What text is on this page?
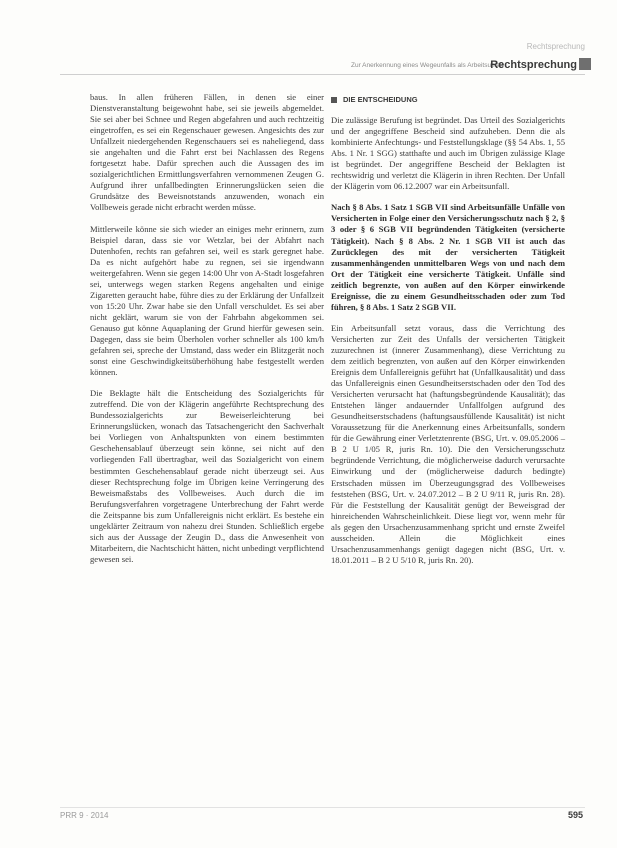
Rechtsprechung
Zur Anerkennung eines Wegeunfalls als Arbeitsunfall
Rechtsprechung

baus. In allen früheren Fällen, in denen sie einer Dienstveranstaltung beigewohnt habe, sei sie jeweils abgemeldet. Sie sei aber bei Schnee und Regen abgefahren und auch rechtzeitig eingetroffen, es sei ein Regenschauer gewesen. Angesichts des zur Unfallzeit niedergehenden Regenschauers sei es naheliegend, dass sie angehalten und die Fahrt erst bei Nachlassen des Regens fortgesetzt habe. Dafür sprechen auch die Aussagen des im sozialgerichtlichen Ermittlungsverfahren vernommenen Zeugen G. Aufgrund ihrer unfallbedingten Erinnerungslücken seien die Grundsätze des Beweisnotstands anzuwenden, wonach ein Vollbeweis gerade nicht erbracht werden müsse.

Mittlerweile könne sie sich wieder an einiges mehr erinnern, zum Beispiel daran, dass sie vor Wetzlar, bei der Abfahrt nach Dutenhofen, rechts ran gefahren sei, weil es stark geregnet habe. Da es nicht aufgehört habe zu regnen, sei sie irgendwann weitergefahren. Wenn sie gegen 14:00 Uhr von A-Stadt losgefahren sei, unterwegs wegen starken Regens angehalten und einige Zigaretten geraucht habe, führe dies zu der Erklärung der Unfallzeit von 15:20 Uhr. Zwar habe sie den Unfall verschuldet. Es sei aber nicht geklärt, warum sie von der Fahrbahn abgekommen sei. Genauso gut könne Aquaplaning der Grund hierfür gewesen sein. Dagegen, dass sie beim Überholen vorher schneller als 100 km/h gefahren sei, spreche der Umstand, dass weder ein Blitzgerät noch sonst eine Geschwindigkeitsüberhöhung habe festgestellt werden können.

Die Beklagte hält die Entscheidung des Sozialgerichts für zutreffend. Die von der Klägerin angeführte Rechtsprechung des Bundessozialgerichts zur Beweiserleichterung bei Erinnerungslücken, wonach das Tatsachengericht den Sachverhalt bei Vorliegen von Anhaltspunkten von einem bestimmten Geschehensablauf überzeugt sein könne, sei nicht auf den vorliegenden Fall übertragbar, weil das Sozialgericht von einem bestimmten Geschehensablauf gerade nicht überzeugt sei. Aus dieser Rechtsprechung folge im Übrigen keine Verringerung des Beweismaßstabs des Vollbeweises. Auch durch die im Berufungsverfahren vorgetragene Unterbrechung der Fahrt werde die Zeitspanne bis zum Unfallereignis nicht erklärt. Es bestehe ein ungeklärter Zeitraum von nahezu drei Stunden. Schließlich ergebe sich aus der Aussage der Zeugin D., dass die Anwesenheit von Mitarbeitern, die Nachtschicht hätten, nicht unbedingt verpflichtend gewesen sei.

DIE ENTSCHEIDUNG

Die zulässige Berufung ist begründet. Das Urteil des Sozialgerichts und der angegriffene Bescheid sind aufzuheben. Denn die als kombinierte Anfechtungs- und Feststellungsklage (§§ 54 Abs. 1, 55 Abs. 1 Nr. 1 SGG) statthafte und auch im Übrigen zulässige Klage ist begründet. Der angegriffene Bescheid der Beklagten ist rechtswidrig und verletzt die Klägerin in ihren Rechten. Der Unfall der Klägerin vom 06.12.2007 war ein Arbeitsunfall.

Nach § 8 Abs. 1 Satz 1 SGB VII sind Arbeitsunfälle Unfälle von Versicherten in Folge einer den Versicherungsschutz nach § 2, § 3 oder § 6 SGB VII begründenden Tätigkeiten (versicherte Tätigkeit). Nach § 8 Abs. 2 Nr. 1 SGB VII ist auch das Zurücklegen des mit der versicherten Tätigkeit zusammenhängenden unmittelbaren Wegs von und nach dem Ort der Tätigkeit eine versicherte Tätigkeit. Unfälle sind zeitlich begrenzte, von außen auf den Körper einwirkende Ereignisse, die zu einem Gesundheitsschaden oder zum Tod führen, § 8 Abs. 1 Satz 2 SGB VII.

Ein Arbeitsunfall setzt voraus, dass die Verrichtung des Versicherten zur Zeit des Unfalls der versicherten Tätigkeit zuzurechnen ist (innerer Zusammenhang), diese Verrichtung zu dem zeitlich begrenzten, von außen auf den Körper einwirkenden Ereignis dem Unfallereignis geführt hat (Unfallkausalität) und dass das Unfallereignis einen Gesundheitserstschaden oder den Tod des Versicherten verursacht hat (haftungsbegründende Kausalität); das Entstehen länger andauernder Unfallfolgen aufgrund des Gesundheitserstschadens (haftungsausfüllende Kausalität) ist nicht Voraussetzung für die Anerkennung eines Arbeitsunfalls, sondern für die Gewährung einer Verletztenrente (BSG, Urt. v. 09.05.2006 – B 2 U 1/05 R, juris Rn. 10). Die den Versicherungsschutz begründende Verrichtung, die möglicherweise dadurch verursachte Einwirkung und der (möglicherweise dadurch bedingte) Erstschaden müssen im Überzeugungsgrad des Vollbeweises feststehen (BSG, Urt. v. 24.07.2012 – B 2 U 9/11 R, juris Rn. 28). Für die Feststellung der Kausalität genügt der Beweisgrad der hinreichenden Wahrscheinlichkeit. Diese liegt vor, wenn mehr für als gegen den Ursachenzusammenhang spricht und ernste Zweifel ausscheiden. Allein die Möglichkeit eines Ursachenzusammenhangs genügt dagegen nicht (BSG, Urt. v. 18.01.2011 – B 2 U 5/10 R, juris Rn. 20).

PRR 9 · 2014	595
